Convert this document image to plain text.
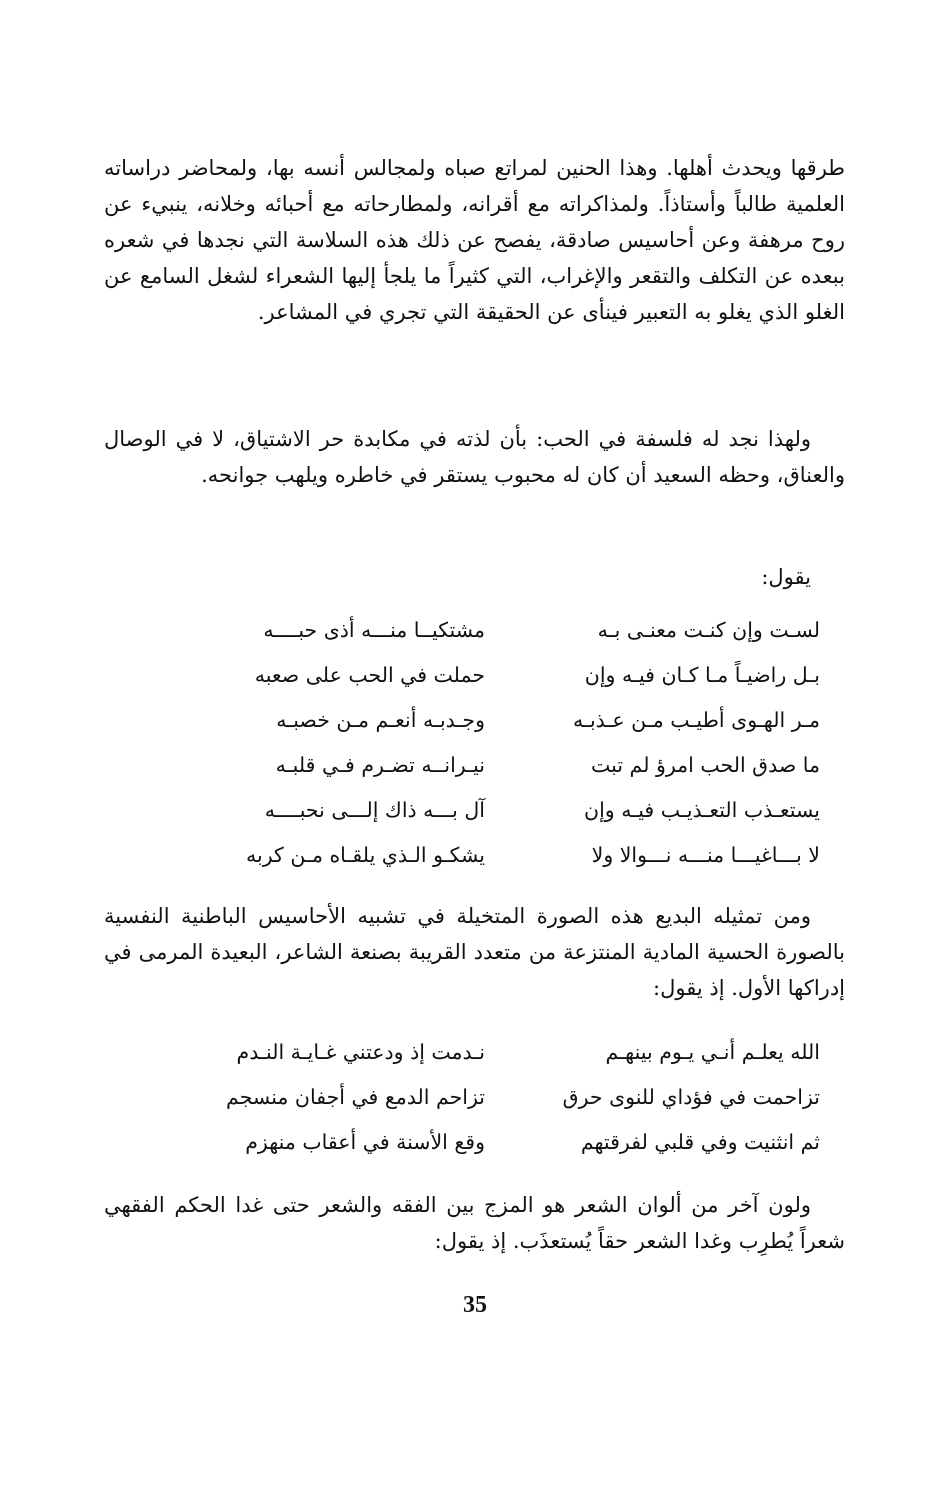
طرقها ويحدث أهلها. وهذا الحنين لمراتع صباه ولمجالس أنسه بها، ولمحاضر دراساته العلمية طالباً وأستاذاً. ولمذاكراته مع أقرانه، ولمطارحاته مع أحبائه وخلانه، ينبيء عن روح مرهفة وعن أحاسيس صادقة، يفصح عن ذلك هذه السلاسة التي نجدها في شعره ببعده عن التكلف والتقعر والإغراب، التي كثيراً ما يلجأ إليها الشعراء لشغل السامع عن الغلو الذي يغلو به التعبير فينأى عن الحقيقة التي تجري في المشاعر.

ولهذا نجد له فلسفة في الحب: بأن لذته في مكابدة حر الاشتياق، لا في الوصال والعناق، وحظه السعيد أن كان له محبوب يستقر في خاطره ويلهب جوانحه.

يقول:

لسـت وإن كنـت معنـى بـه
مشتكيــا منـــه أذى حبــــه
بـل راضيـاً مـا كـان فيـه وإن
حملت في الحب على صعبه
مـر الهـوى أطيـب مـن عـذبـه
وجـدبـه أنعـم مـن خصبـه
ما صدق الحب امرؤ لم تبت
نيـرانــه تضـرم فـي قلبـه
يستعـذب التعـذيـب فيـه وإن
آل بـــه ذاك إلـــى نحبــــه
لا بـــاغيـــا منـــه نـــوالا ولا
يشكـو الـذي يلقـاه مـن كربه

ومن تمثيله البديع هذه الصورة المتخيلة في تشبيه الأحاسيس الباطنية النفسية بالصورة الحسية المادية المنتزعة من متعدد القريبة بصنعة الشاعر، البعيدة المرمى في إدراكها الأول. إذ يقول:

الله يعلـم أنـي يـوم بينهـم
نـدمت إذ ودعتني غـايـة النـدم
تزاحمت في فؤداي للنوى حرق
تزاحم الدمع في أجفان منسجم
ثم انثنيت وفي قلبي لفرقتهم
وقع الأسنة في أعقاب منهزم

ولون آخر من ألوان الشعر هو المزج بين الفقه والشعر حتى غدا الحكم الفقهي شعراً يُطرِب وغدا الشعر حقاً يُستعذَب. إذ يقول:

35
